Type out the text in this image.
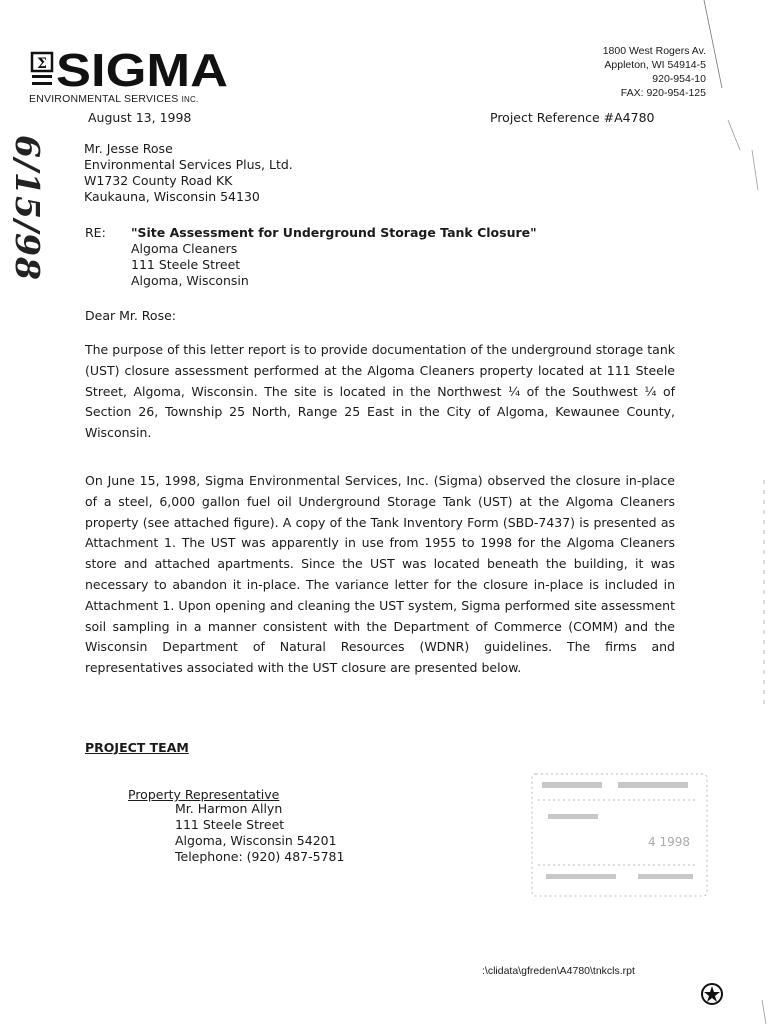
Σ SIGMA
ENVIRONMENTAL SERVICES INC.
1800 West Rogers Av.
Appleton, WI 54914-5
920-954-10
FAX: 920-954-125
August 13, 1998	Project Reference #A4780
6/15/98	Mr. Jesse Rose
Environmental Services Plus, Ltd.
W1732 County Road KK
Kaukauna, Wisconsin 54130
RE: "Site Assessment for Underground Storage Tank Closure"
Algoma Cleaners
111 Steele Street
Algoma, Wisconsin
Dear Mr. Rose:
The purpose of this letter report is to provide documentation of the underground storage tank (UST) closure assessment performed at the Algoma Cleaners property located at 111 Steele Street, Algoma, Wisconsin. The site is located in the Northwest ¼ of the Southwest ¼ of Section 26, Township 25 North, Range 25 East in the City of Algoma, Kewaunee County, Wisconsin.
On June 15, 1998, Sigma Environmental Services, Inc. (Sigma) observed the closure in-place of a steel, 6,000 gallon fuel oil Underground Storage Tank (UST) at the Algoma Cleaners property (see attached figure). A copy of the Tank Inventory Form (SBD-7437) is presented as Attachment 1. The UST was apparently in use from 1955 to 1998 for the Algoma Cleaners store and attached apartments. Since the UST was located beneath the building, it was necessary to abandon it in-place. The variance letter for the closure in-place is included in Attachment 1. Upon opening and cleaning the UST system, Sigma performed site assessment soil sampling in a manner consistent with the Department of Commerce (COMM) and the Wisconsin Department of Natural Resources (WDNR) guidelines. The firms and representatives associated with the UST closure are presented below.
PROJECT TEAM
Property Representative
Mr. Harmon Allyn
111 Steele Street
Algoma, Wisconsin 54201
Telephone: (920) 487-5781
4 1998
:\clidata\gfreden\A4780\tnkcls.rpt
